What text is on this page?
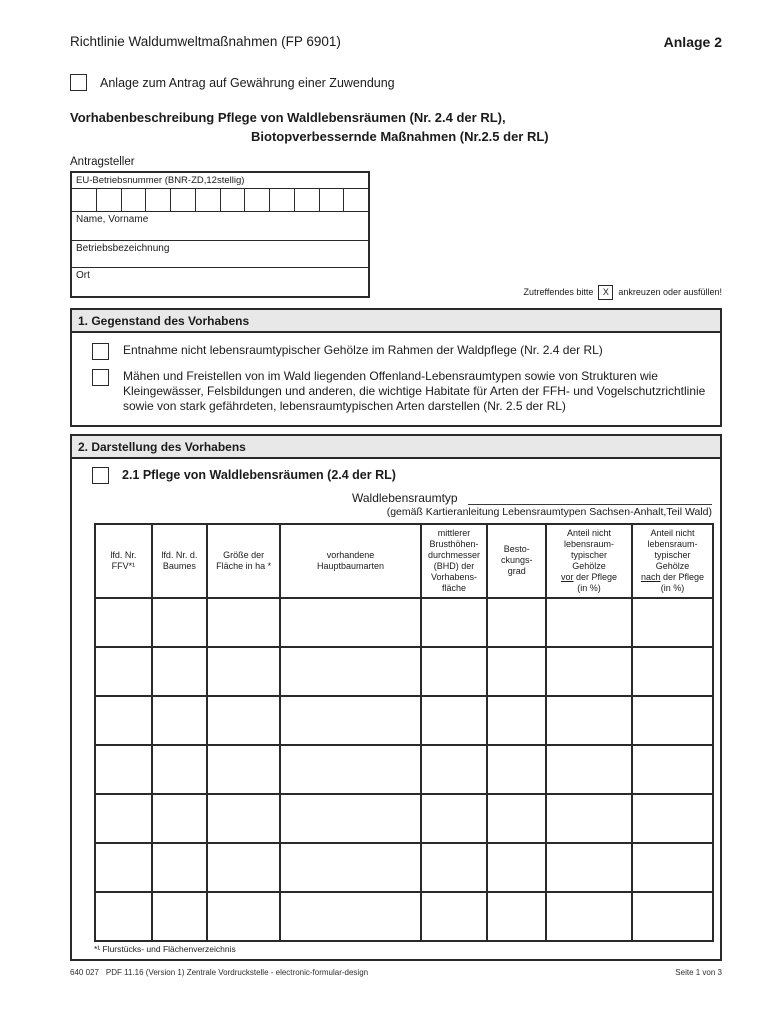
Richtlinie Waldumweltmaßnahmen (FP 6901)	Anlage 2
Anlage zum Antrag auf Gewährung einer Zuwendung
Vorhabenbeschreibung Pflege von Waldlebensräumen (Nr. 2.4 der RL),
Biotopverbessernde Maßnahmen (Nr.2.5 der RL)
Antragsteller
EU-Betriebsnummer (BNR-ZD,12stellig)
Name, Vorname
Betriebsbezeichnung
Ort
Zutreffendes bitte	X	ankreuzen oder ausfüllen!
1. Gegenstand des Vorhabens
Entnahme nicht lebensraumtypischer Gehölze im Rahmen der Waldpflege (Nr. 2.4 der RL)
Mähen und Freistellen von im Wald liegenden Offenland-Lebensraumtypen sowie von Strukturen wie Kleingewässer, Felsbildungen und anderen, die wichtige Habitate für Arten der FFH- und Vogelschutzrichtlinie sowie von stark gefährdeten, lebensraumtypischen Arten darstellen (Nr. 2.5 der RL)
2. Darstellung des Vorhabens
2.1 Pflege von Waldlebensräumen (2.4 der RL)
Waldlebensraumtyp
(gemäß Kartieranleitung Lebensraumtypen Sachsen-Anhalt,Teil Wald)
lfd. Nr.
FFV*¹

lfd. Nr. d.
Baumes

Größe der
Fläche in ha *

vorhandene
Hauptbaumarten

mittlerer
Brusthöhen-
durchmesser
(BHD) der
Vorhabens-
fläche

Besto-
ckungs-
grad

Anteil nicht
lebensraum-
typischer
Gehölze
vor der Pflege
(in %)

Anteil nicht
lebensraum-
typischer
Gehölze
nach der Pflege
(in %)

*¹ Flurstücks- und Flächenverzeichnis
640 027 PDF 11.16 (Version 1) Zentrale Vordruckstelle - electronic-formular-design	Seite 1 von 3
